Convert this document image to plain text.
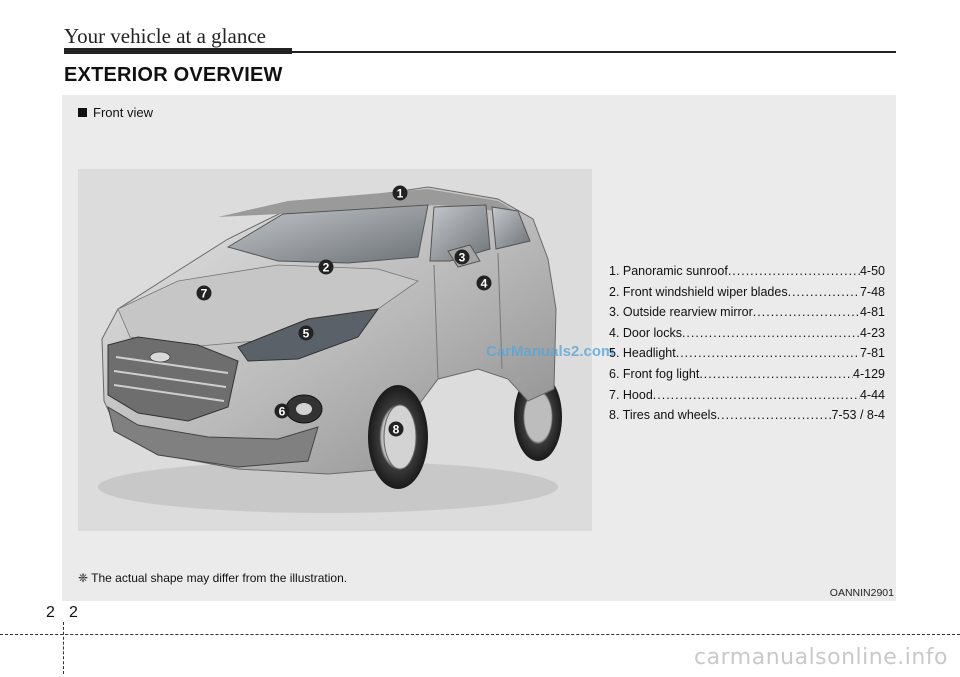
Your vehicle at a glance
EXTERIOR OVERVIEW
Front view
1
2
3
4
5
6
7
8
CarManuals2.com
1. Panoramic sunroof .....	4-50
2. Front windshield wiper blades .....	7-48
3. Outside rearview mirror .....	4-81
4. Door locks .....	4-23
5. Headlight .....	7-81
6. Front fog light .....	4-129
7. Hood .....	4-44
8. Tires and wheels .....	7-53 / 8-4
❈ The actual shape may differ from the illustration.
OANNIN2901
2 2
carmanualsonline.info
